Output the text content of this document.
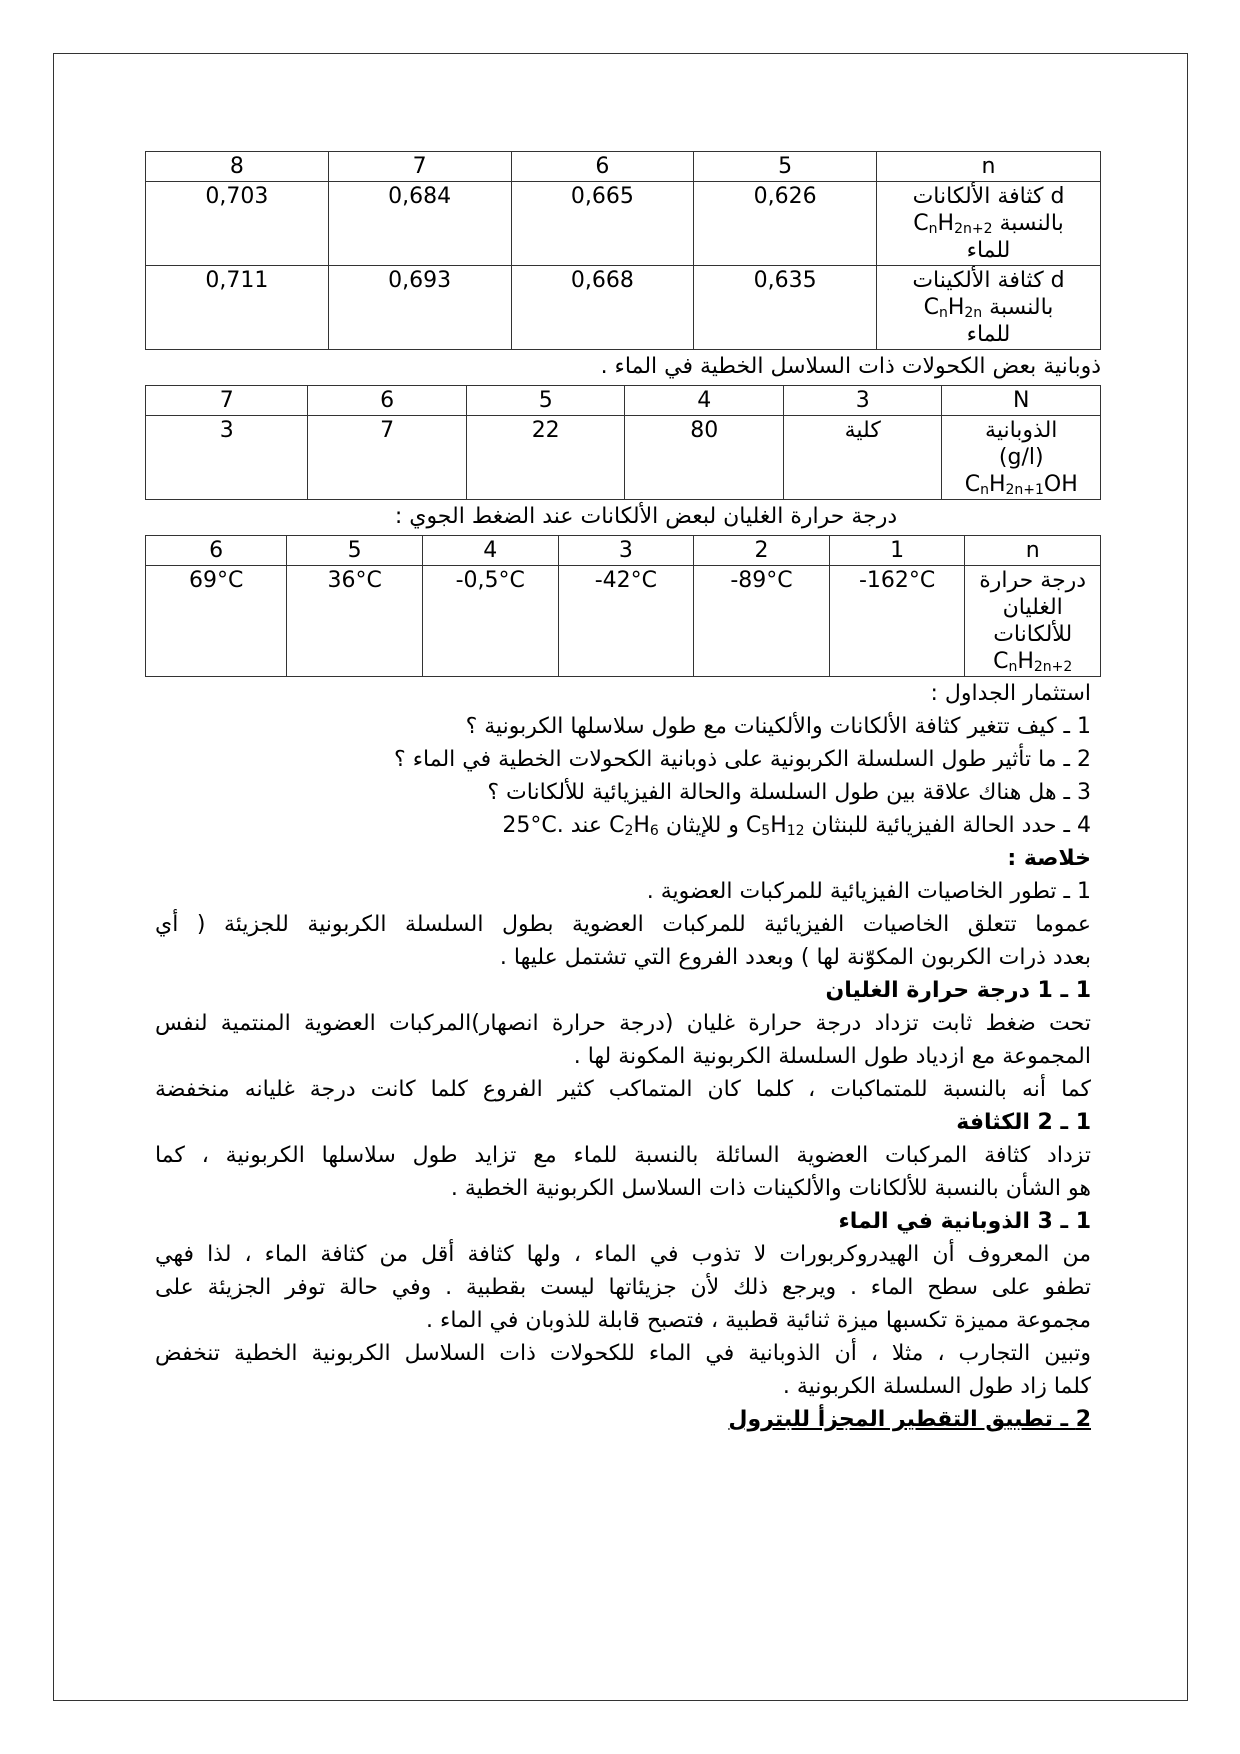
n	5	6	7	8
d كثافة الألكانات
بالنسبة $C_nH_{2n+2}$
للماء	0,626	0,665	0,684	0,703
d كثافة الألكينات
بالنسبة $C_nH_{2n}$
للماء	0,635	0,668	0,693	0,711
ذوبانية بعض الكحولات ذات السلاسل الخطية في الماء .
N	3	4	5	6	7
الذوبانية
(g/l)
$C_nH_{2n+1}OH$	كلية	80	22	7	3
درجة حرارة الغليان لبعض الألكانات عند الضغط الجوي :
n	1	2	3	4	5	6
درجة حرارة
الغليان
للألكانات
$C_nH_{2n+2}$	-162°C	-89°C	-42°C	-0,5°C	36°C	69°C
استثمار الجداول :
1 ـ كيف تتغير كثافة الألكانات والألكينات مع طول سلاسلها الكربونية ؟
2 ـ ما تأثير طول السلسلة الكربونية على ذوبانية الكحولات الخطية في الماء ؟
3 ـ هل هناك علاقة بين طول السلسلة والحالة الفيزيائية للألكانات ؟
4 ـ حدد الحالة الفيزيائية للبنثان $C_5H_{12}$ و للإيثان $C_2H_6$ عند 25°C.
خلاصة :
1 ـ تطور الخاصيات الفيزيائية للمركبات العضوية .
عموما تتعلق الخاصيات الفيزيائية للمركبات العضوية بطول السلسلة الكربونية للجزيئة ( أي
بعدد ذرات الكربون المكوّنة لها ) وبعدد الفروع التي تشتمل عليها .
1 ـ 1 درجة حرارة الغليان
تحت ضغط ثابت تزداد درجة حرارة غليان (درجة حرارة انصهار)المركبات العضوية المنتمية لنفس
المجموعة مع ازدياد طول السلسلة الكربونية المكونة لها .
كما أنه بالنسبة للمتماكبات ، كلما كان المتماكب كثير الفروع كلما كانت درجة غليانه منخفضة
1 ـ 2 الكثافة
تزداد كثافة المركبات العضوية السائلة بالنسبة للماء مع تزايد طول سلاسلها الكربونية ، كما
هو الشأن بالنسبة للألكانات والألكينات ذات السلاسل الكربونية الخطية .
1 ـ 3 الذوبانية في الماء
من المعروف أن الهيدروكربورات لا تذوب في الماء ، ولها كثافة أقل من كثافة الماء ، لذا فهي
تطفو على سطح الماء . ويرجع ذلك لأن جزيئاتها ليست بقطبية . وفي حالة توفر الجزيئة على
مجموعة مميزة تكسبها ميزة ثنائية قطبية ، فتصبح قابلة للذوبان في الماء .
وتبين التجارب ، مثلا ، أن الذوبانية في الماء للكحولات ذات السلاسل الكربونية الخطية تنخفض
كلما زاد طول السلسلة الكربونية .
2 ـ تطبيق التقطير المجزأ للبترول
